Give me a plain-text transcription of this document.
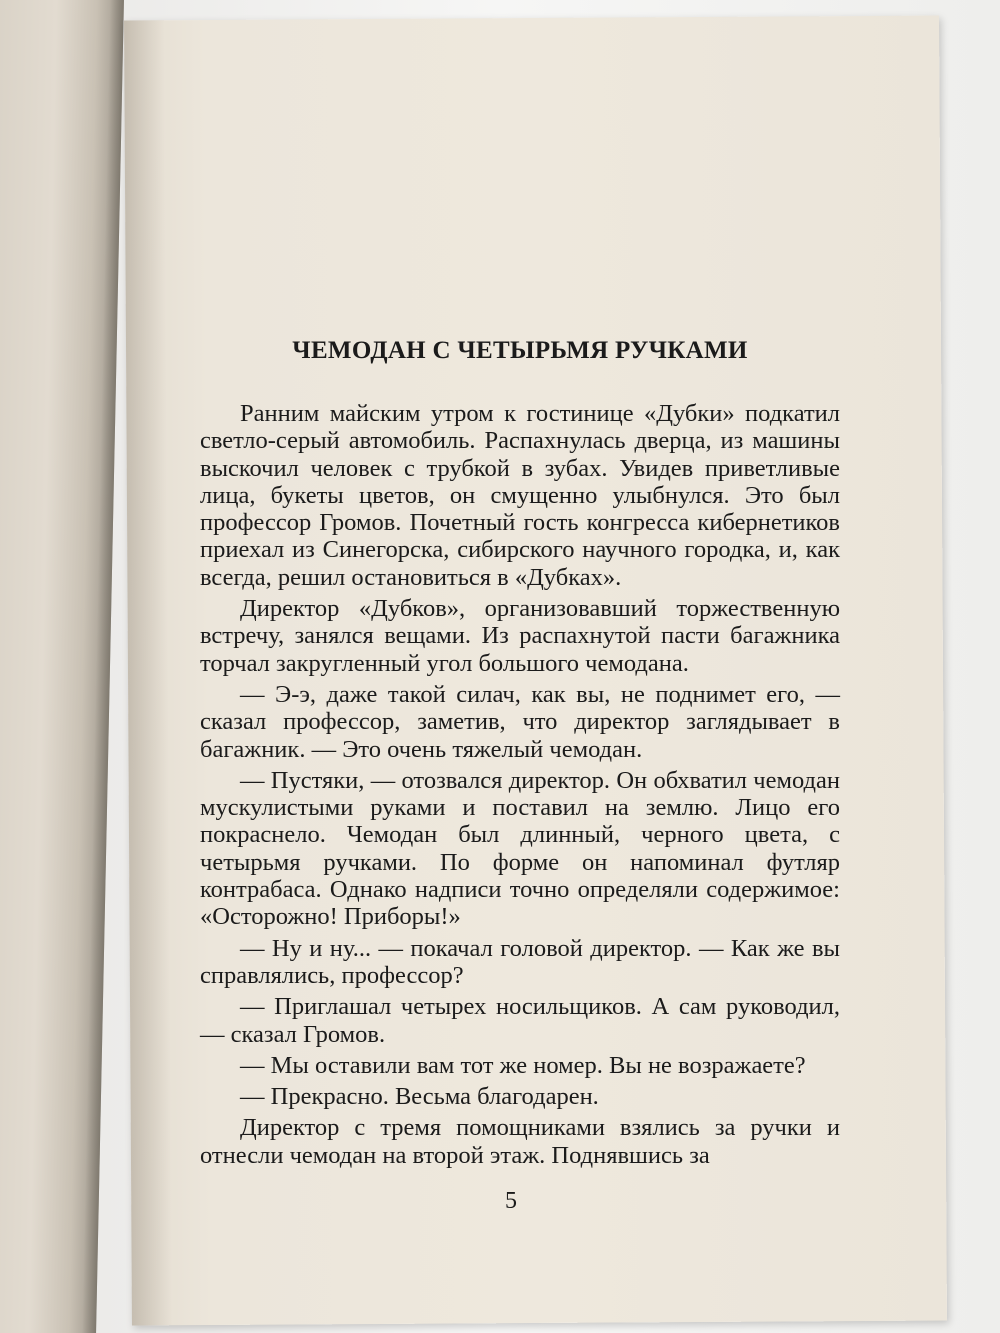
ЧЕМОДАН С ЧЕТЫРЬМЯ РУЧКАМИ

Ранним майским утром к гостинице «Дубки» подкатил светло-серый автомобиль. Распахнулась дверца, из машины выскочил человек с трубкой в зубах. Увидев приветливые лица, букеты цветов, он смущенно улыбнулся. Это был профессор Громов. Почетный гость конгресса кибернетиков приехал из Синегорска, сибирского научного городка, и, как всегда, решил остановиться в «Дубках».

Директор «Дубков», организовавший торжественную встречу, занялся вещами. Из распахнутой пасти багажника торчал закругленный угол большого чемодана.

— Э-э, даже такой силач, как вы, не поднимет его, — сказал профессор, заметив, что директор заглядывает в багажник. — Это очень тяжелый чемодан.

— Пустяки, — отозвался директор. Он обхватил чемодан мускулистыми руками и поставил на землю. Лицо его покраснело. Чемодан был длинный, черного цвета, с четырьмя ручками. По форме он напоминал футляр контрабаса. Однако надписи точно определяли содержимое: «Осторожно! Приборы!»

— Ну и ну... — покачал головой директор. — Как же вы справлялись, профессор?

— Приглашал четырех носильщиков. А сам руководил, — сказал Громов.

— Мы оставили вам тот же номер. Вы не возражаете?

— Прекрасно. Весьма благодарен.

Директор с тремя помощниками взялись за ручки и отнесли чемодан на второй этаж. Поднявшись за

5
